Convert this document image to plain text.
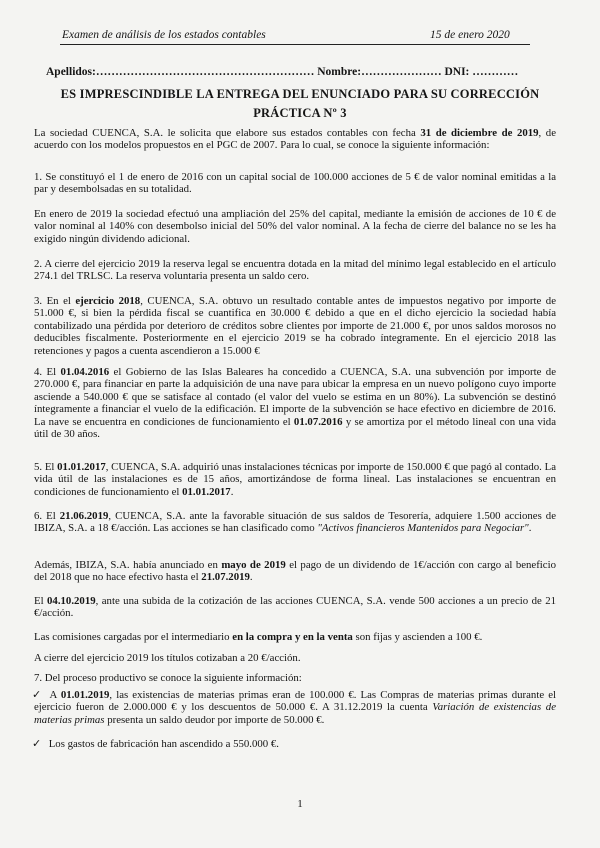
Examen de análisis de los estados contables	15 de enero 2020
Apellidos:………………………………………………… Nombre:………………… DNI: …………
ES IMPRESCINDIBLE LA ENTREGA DEL ENUNCIADO PARA SU CORRECCIÓN
PRÁCTICA Nº 3

La sociedad CUENCA, S.A. le solicita que elabore sus estados contables con fecha 31 de diciembre de 2019, de acuerdo con los modelos propuestos en el PGC de 2007. Para lo cual, se conoce la siguiente información:

1. Se constituyó el 1 de enero de 2016 con un capital social de 100.000 acciones de 5 € de valor nominal emitidas a la par y desembolsadas en su totalidad.

En enero de 2019 la sociedad efectuó una ampliación del 25% del capital, mediante la emisión de acciones de 10 € de valor nominal al 140% con desembolso inicial del 50% del valor nominal. A la fecha de cierre del balance no se les ha exigido ningún dividendo adicional.

2. A cierre del ejercicio 2019 la reserva legal se encuentra dotada en la mitad del mínimo legal establecido en el artículo 274.1 del TRLSC. La reserva voluntaria presenta un saldo cero.

3. En el ejercicio 2018, CUENCA, S.A. obtuvo un resultado contable antes de impuestos negativo por importe de 51.000 €, si bien la pérdida fiscal se cuantifica en 30.000 € debido a que en el dicho ejercicio la sociedad había contabilizado una pérdida por deterioro de créditos sobre clientes por importe de 21.000 €, por unos saldos morosos no deducibles fiscalmente. Posteriormente en el ejercicio 2019 se ha cobrado íntegramente. En el ejercicio 2018 las retenciones y pagos a cuenta ascendieron a 15.000 €

4. El 01.04.2016 el Gobierno de las Islas Baleares ha concedido a CUENCA, S.A. una subvención por importe de 270.000 €, para financiar en parte la adquisición de una nave para ubicar la empresa en un nuevo polígono cuyo importe asciende a 540.000 € que se satisface al contado (el valor del vuelo se estima en un 80%). La subvención se destinó íntegramente a financiar el vuelo de la edificación. El importe de la subvención se hace efectivo en diciembre de 2016. La nave se encuentra en condiciones de funcionamiento el 01.07.2016 y se amortiza por el método lineal con una vida útil de 30 años.

5. El 01.01.2017, CUENCA, S.A. adquirió unas instalaciones técnicas por importe de 150.000 € que pagó al contado. La vida útil de las instalaciones es de 15 años, amortizándose de forma lineal. Las instalaciones se encuentran en condiciones de funcionamiento el 01.01.2017.

6. El 21.06.2019, CUENCA, S.A. ante la favorable situación de sus saldos de Tesorería, adquiere 1.500 acciones de IBIZA, S.A. a 18 €/acción. Las acciones se han clasificado como "Activos financieros Mantenidos para Negociar".

Además, IBIZA, S.A. había anunciado en mayo de 2019 el pago de un dividendo de 1€/acción con cargo al beneficio del 2018 que no hace efectivo hasta el 21.07.2019.

El 04.10.2019, ante una subida de la cotización de las acciones CUENCA, S.A. vende 500 acciones a un precio de 21 €/acción.

Las comisiones cargadas por el intermediario en la compra y en la venta son fijas y ascienden a 100 €.

A cierre del ejercicio 2019 los títulos cotizaban a 20 €/acción.

7. Del proceso productivo se conoce la siguiente información:

✓ A 01.01.2019, las existencias de materias primas eran de 100.000 €. Las Compras de materias primas durante el ejercicio fueron de 2.000.000 € y los descuentos de 50.000 €. A 31.12.2019 la cuenta Variación de existencias de materias primas presenta un saldo deudor por importe de 50.000 €.

✓ Los gastos de fabricación han ascendido a 550.000 €.

1
